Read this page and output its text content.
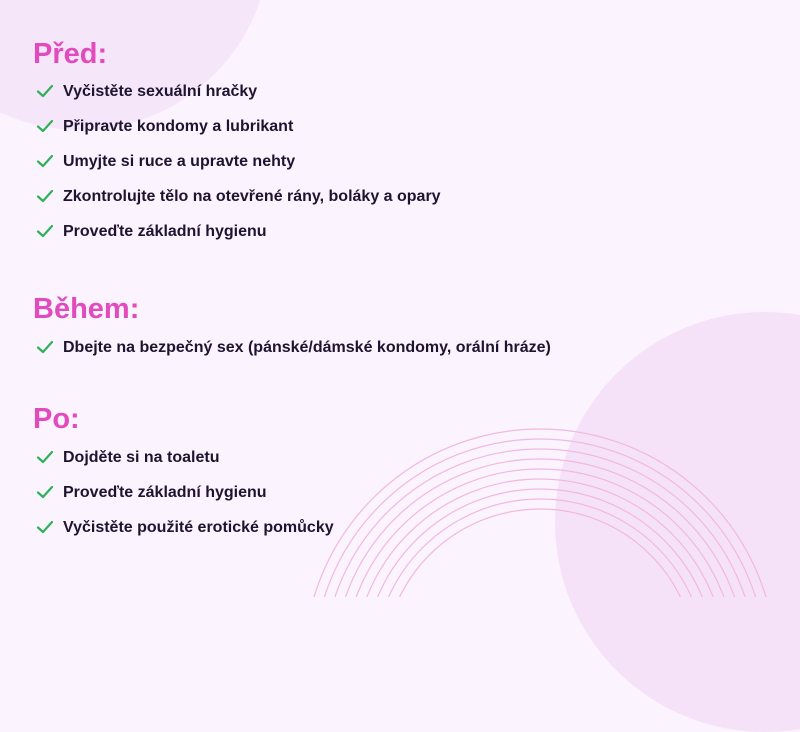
Před:
Vyčistěte sexuální hračky
Připravte kondomy a lubrikant
Umyjte si ruce a upravte nehty
Zkontrolujte tělo na otevřené rány, boláky a opary
Proveďte základní hygienu
Během:
Dbejte na bezpečný sex (pánské/dámské kondomy, orální hráze)
Po:
Dojděte si na toaletu
Proveďte základní hygienu
Vyčistěte použité erotické pomůcky
